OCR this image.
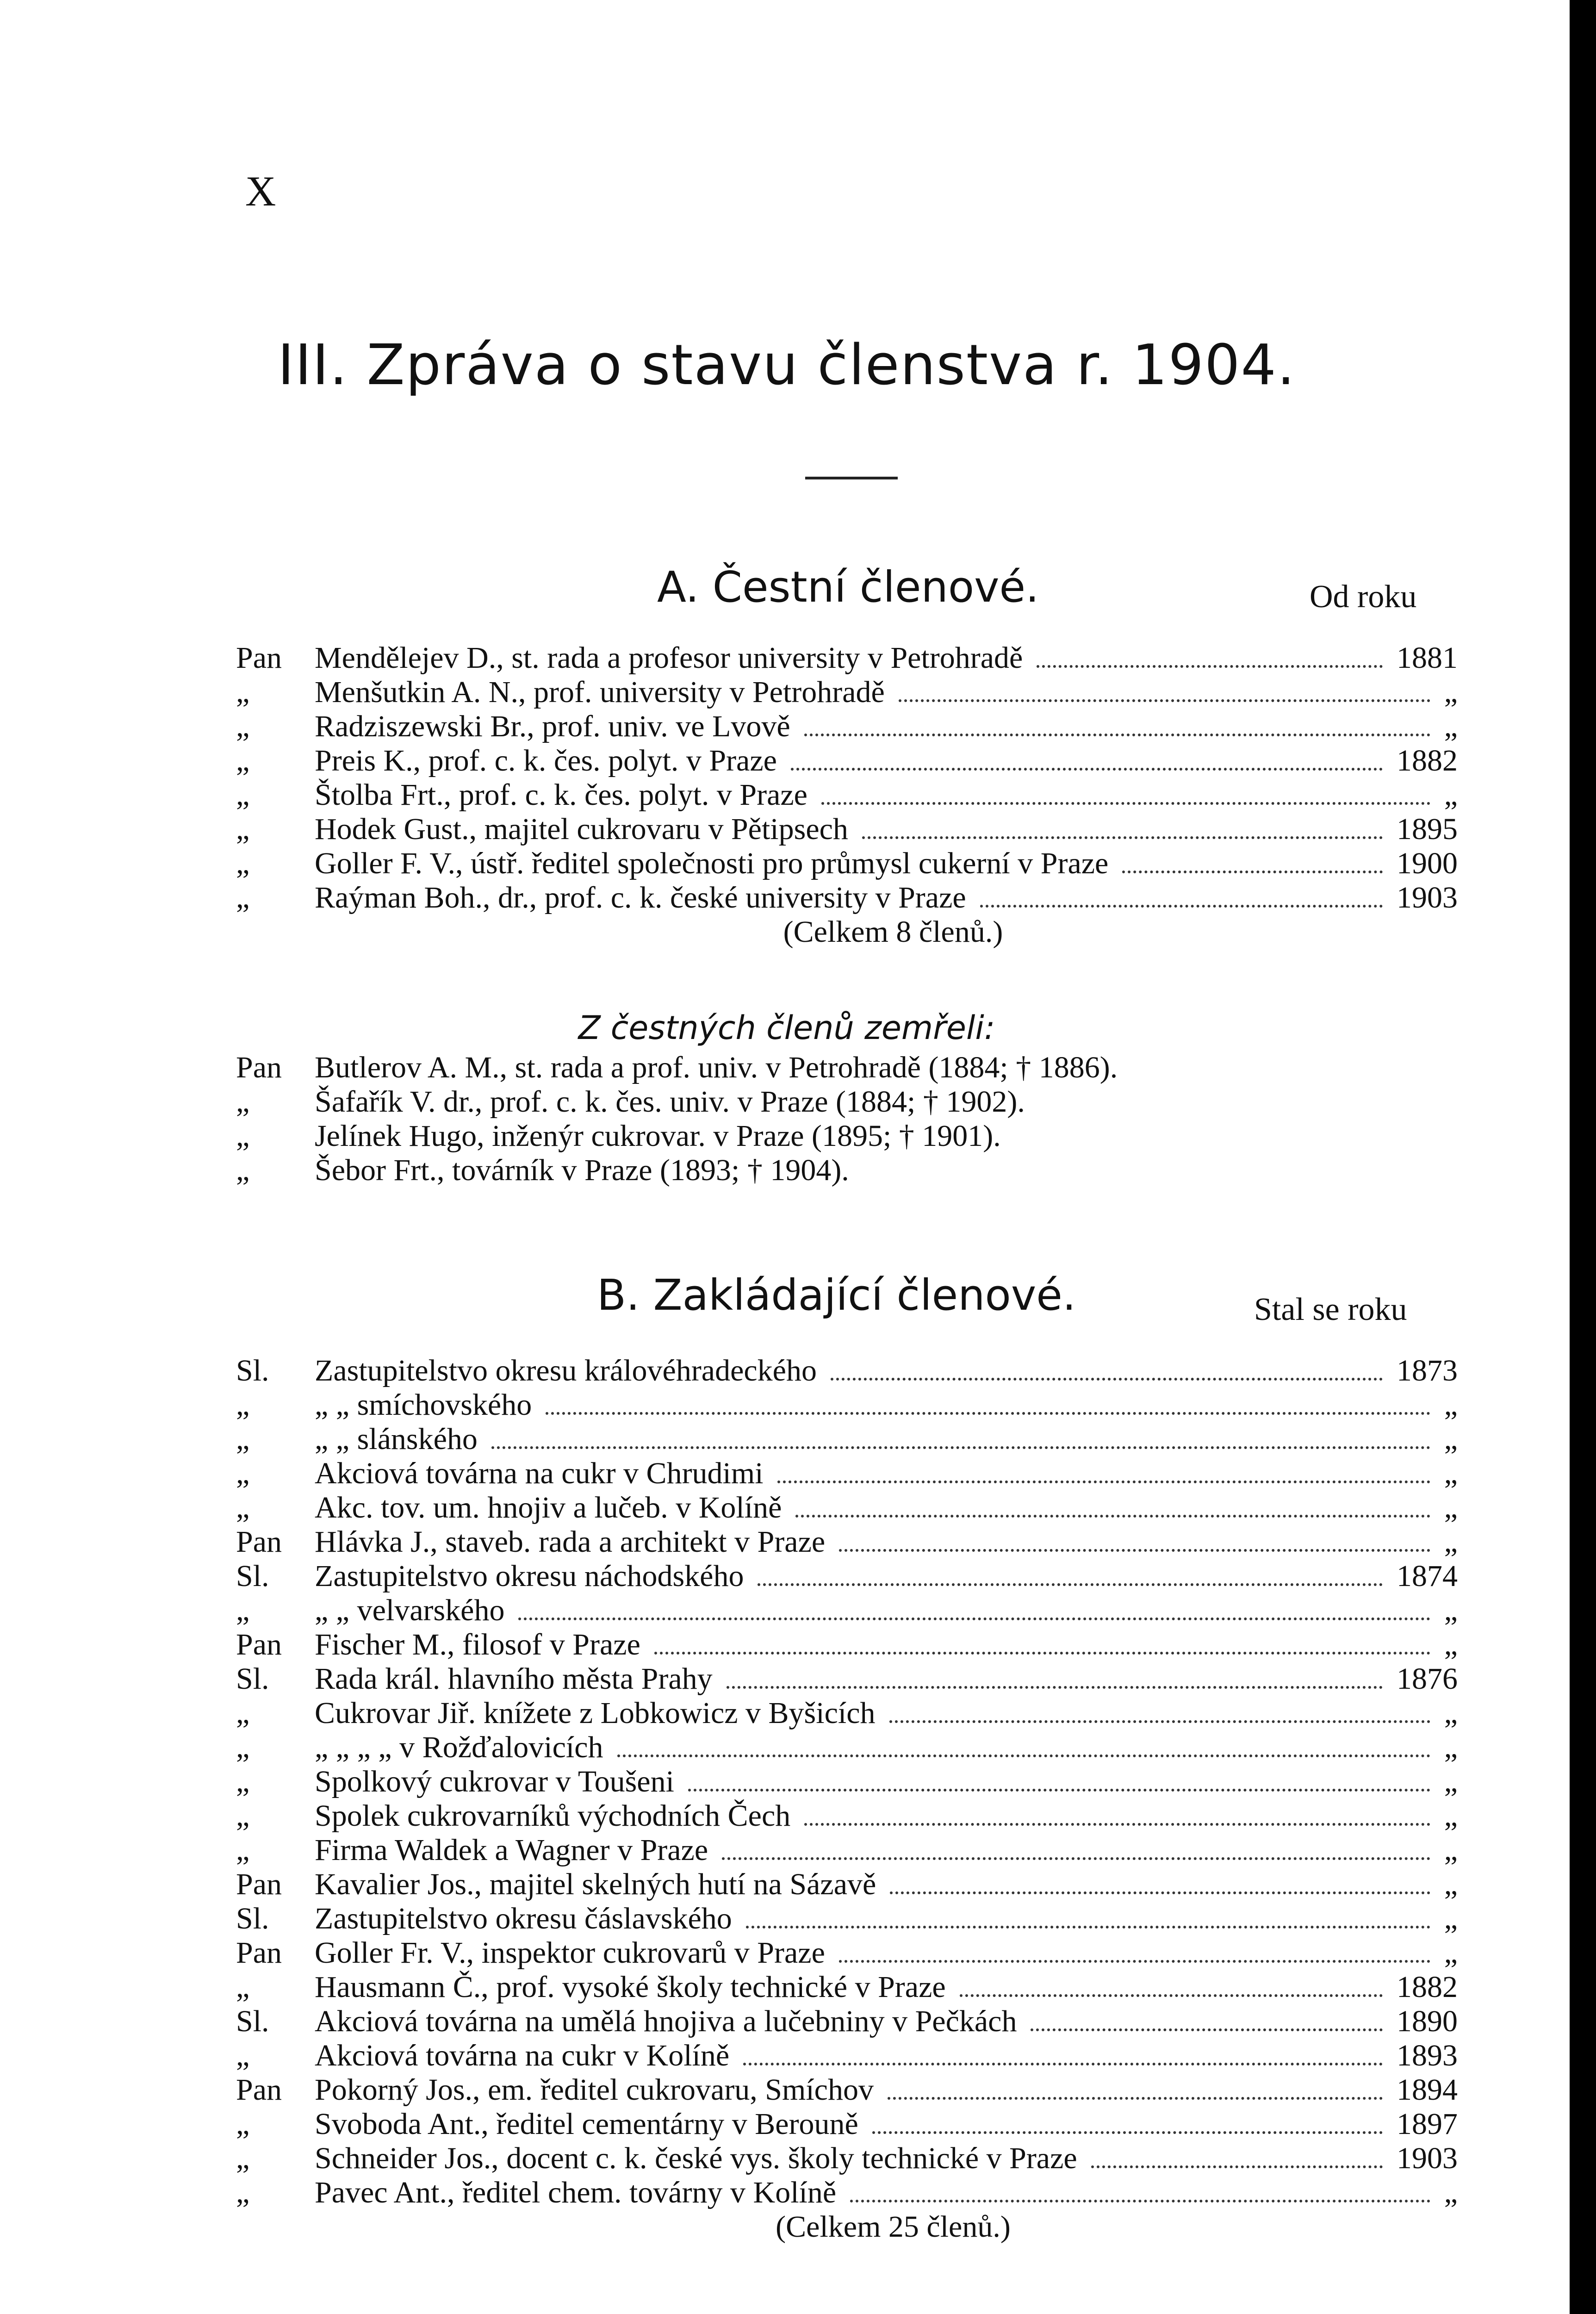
X
III. Zpráva o stavu členstva r. 1904.
A. Čestní členové.	Od roku
Pan Mendělejev D., st. rada a profesor university v Petrohradě	1881
„ Menšutkin A. N., prof. university v Petrohradě	„
„ Radziszewski Br., prof. univ. ve Lvově	„
„ Preis K., prof. c. k. čes. polyt. v Praze	1882
„ Štolba Frt., prof. c. k. čes. polyt. v Praze	„
„ Hodek Gust., majitel cukrovaru v Pětipsech	1895
„ Goller F. V., ústř. ředitel společnosti pro průmysl cukerní v Praze	1900
„ Raýman Boh., dr., prof. c. k. české university v Praze	1903
(Celkem 8 členů.)
Z čestných členů zemřeli:
Pan Butlerov A. M., st. rada a prof. univ. v Petrohradě (1884; † 1886).
„ Šafařík V. dr., prof. c. k. čes. univ. v Praze (1884; † 1902).
„ Jelínek Hugo, inženýr cukrovar. v Praze (1895; † 1901).
„ Šebor Frt., továrník v Praze (1893; † 1904).
B. Zakládající členové.	Stal se roku
Sl. Zastupitelstvo okresu královéhradeckého	1873
„ „ „ smíchovského	„
„ „ „ slánského	„
„ Akciová továrna na cukr v Chrudimi	„
„ Akc. tov. um. hnojiv a lučeb. v Kolíně	„
Pan Hlávka J., staveb. rada a architekt v Praze	„
Sl. Zastupitelstvo okresu náchodského	1874
„ „ „ velvarského	„
Pan Fischer M., filosof v Praze	„
Sl. Rada král. hlavního města Prahy	1876
„ Cukrovar Jiř. knížete z Lobkowicz v Byšicích	„
„ „ „ „ „ v Rožďalovicích	„
„ Spolkový cukrovar v Toušeni	„
„ Spolek cukrovarníků východních Čech	„
„ Firma Waldek a Wagner v Praze	„
Pan Kavalier Jos., majitel skelných hutí na Sázavě	„
Sl. Zastupitelstvo okresu čáslavského	„
Pan Goller Fr. V., inspektor cukrovarů v Praze	„
„ Hausmann Č., prof. vysoké školy technické v Praze	1882
Sl. Akciová továrna na umělá hnojiva a lučebniny v Pečkách	1890
„ Akciová továrna na cukr v Kolíně	1893
Pan Pokorný Jos., em. ředitel cukrovaru, Smíchov	1894
„ Svoboda Ant., ředitel cementárny v Berouně	1897
„ Schneider Jos., docent c. k. české vys. školy technické v Praze	1903
„ Pavec Ant., ředitel chem. továrny v Kolíně	„
(Celkem 25 členů.)
